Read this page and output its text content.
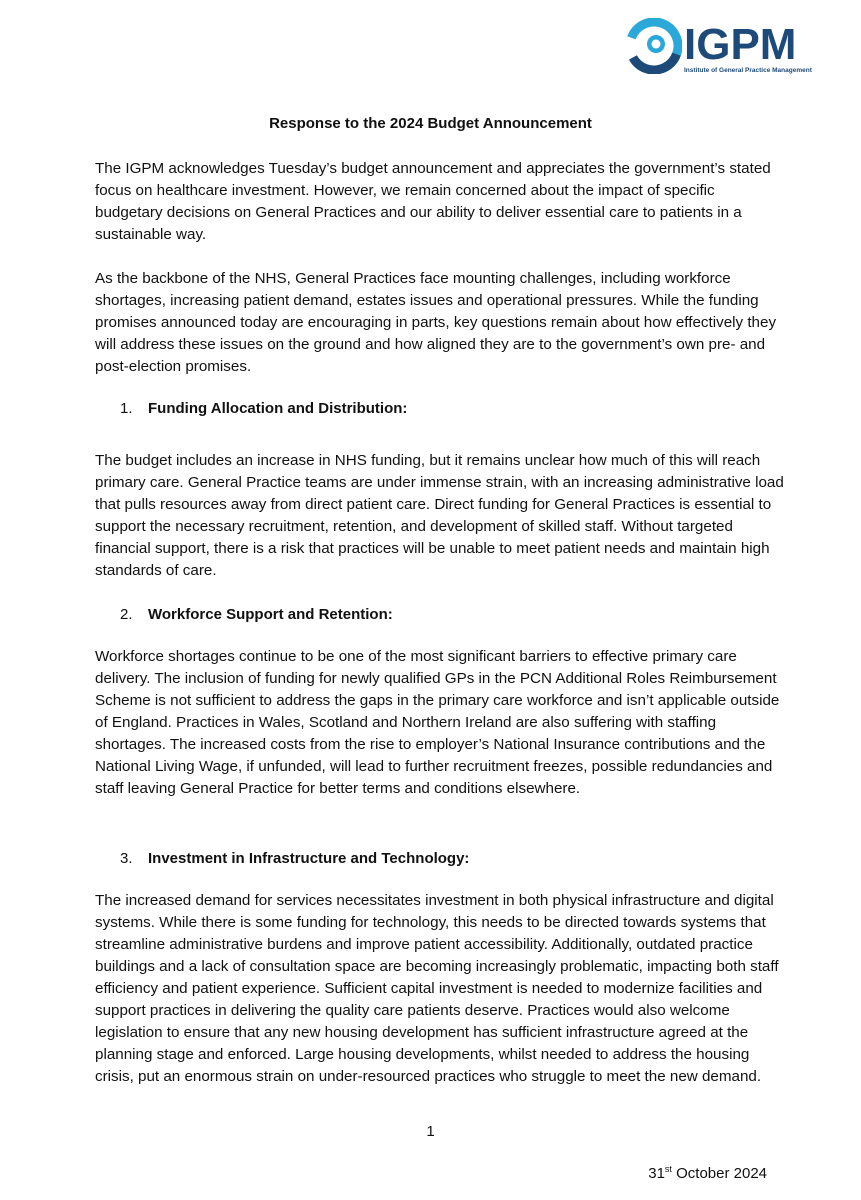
IGPM
Institute of General Practice Management
Response to the 2024 Budget Announcement

The IGPM acknowledges Tuesday’s budget announcement and appreciates the government’s stated focus on healthcare investment. However, we remain concerned about the impact of specific budgetary decisions on General Practices and our ability to deliver essential care to patients in a sustainable way.

As the backbone of the NHS, General Practices face mounting challenges, including workforce shortages, increasing patient demand, estates issues and operational pressures. While the funding promises announced today are encouraging in parts, key questions remain about how effectively they will address these issues on the ground and how aligned they are to the government’s own pre- and post-election promises.

1. Funding Allocation and Distribution:

The budget includes an increase in NHS funding, but it remains unclear how much of this will reach primary care. General Practice teams are under immense strain, with an increasing administrative load that pulls resources away from direct patient care. Direct funding for General Practices is essential to support the necessary recruitment, retention, and development of skilled staff. Without targeted financial support, there is a risk that practices will be unable to meet patient needs and maintain high standards of care.

2. Workforce Support and Retention:

Workforce shortages continue to be one of the most significant barriers to effective primary care delivery. The inclusion of funding for newly qualified GPs in the PCN Additional Roles Reimbursement Scheme is not sufficient to address the gaps in the primary care workforce and isn’t applicable outside of England. Practices in Wales, Scotland and Northern Ireland are also suffering with staffing shortages. The increased costs from the rise to employer’s National Insurance contributions and the National Living Wage, if unfunded, will lead to further recruitment freezes, possible redundancies and staff leaving General Practice for better terms and conditions elsewhere.

3. Investment in Infrastructure and Technology:

The increased demand for services necessitates investment in both physical infrastructure and digital systems. While there is some funding for technology, this needs to be directed towards systems that streamline administrative burdens and improve patient accessibility. Additionally, outdated practice buildings and a lack of consultation space are becoming increasingly problematic, impacting both staff efficiency and patient experience. Sufficient capital investment is needed to modernize facilities and support practices in delivering the quality care patients deserve. Practices would also welcome legislation to ensure that any new housing development has sufficient infrastructure agreed at the planning stage and enforced. Large housing developments, whilst needed to address the housing crisis, put an enormous strain on under-resourced practices who struggle to meet the new demand.

1
31st October 2024
